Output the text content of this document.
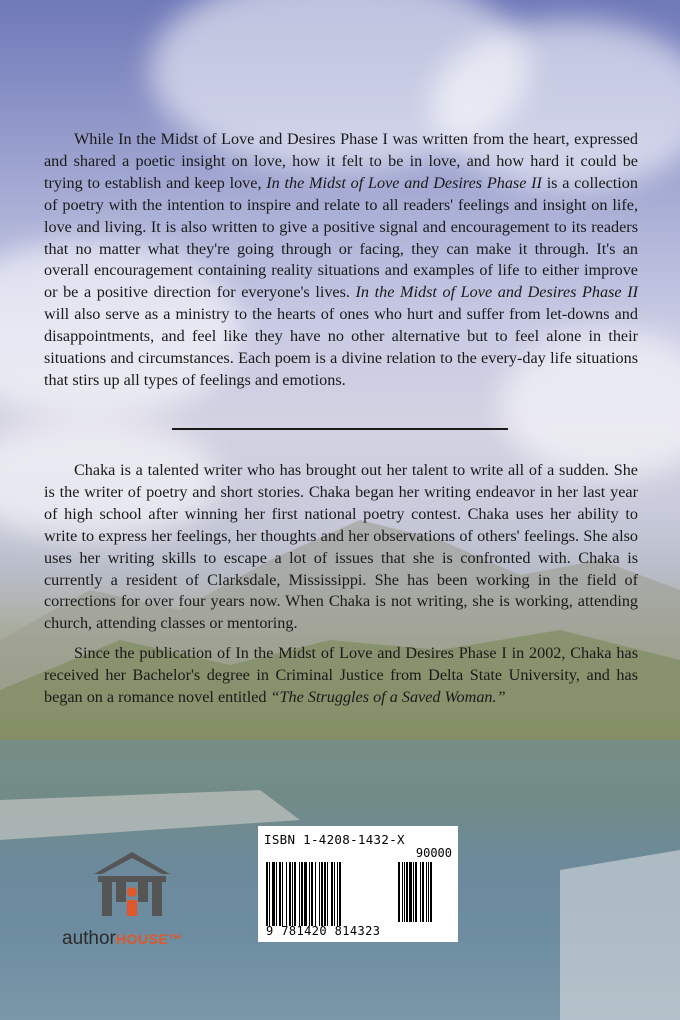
While In the Midst of Love and Desires Phase I was written from the heart, expressed and shared a poetic insight on love, how it felt to be in love, and how hard it could be trying to establish and keep love, In the Midst of Love and Desires Phase II is a collection of poetry with the intention to inspire and relate to all readers' feelings and insight on life, love and living. It is also written to give a positive signal and encouragement to its readers that no matter what they're going through or facing, they can make it through. It's an overall encouragement containing reality situations and examples of life to either improve or be a positive direction for everyone's lives. In the Midst of Love and Desires Phase II will also serve as a ministry to the hearts of ones who hurt and suffer from let-downs and disappointments, and feel like they have no other alternative but to feel alone in their situations and circumstances. Each poem is a divine relation to the every-day life situations that stirs up all types of feelings and emotions.

Chaka is a talented writer who has brought out her talent to write all of a sudden. She is the writer of poetry and short stories. Chaka began her writing endeavor in her last year of high school after winning her first national poetry contest. Chaka uses her ability to write to express her feelings, her thoughts and her observations of others' feelings. She also uses her writing skills to escape a lot of issues that she is confronted with. Chaka is currently a resident of Clarksdale, Mississippi. She has been working in the field of corrections for over four years now. When Chaka is not writing, she is working, attending church, attending classes or mentoring.

Since the publication of In the Midst of Love and Desires Phase I in 2002, Chaka has received her Bachelor's degree in Criminal Justice from Delta State University, and has began on a romance novel entitled “The Struggles of a Saved Woman.”

authorHOUSE™
ISBN 1-4208-1432-X
90000
9 781420 814323
